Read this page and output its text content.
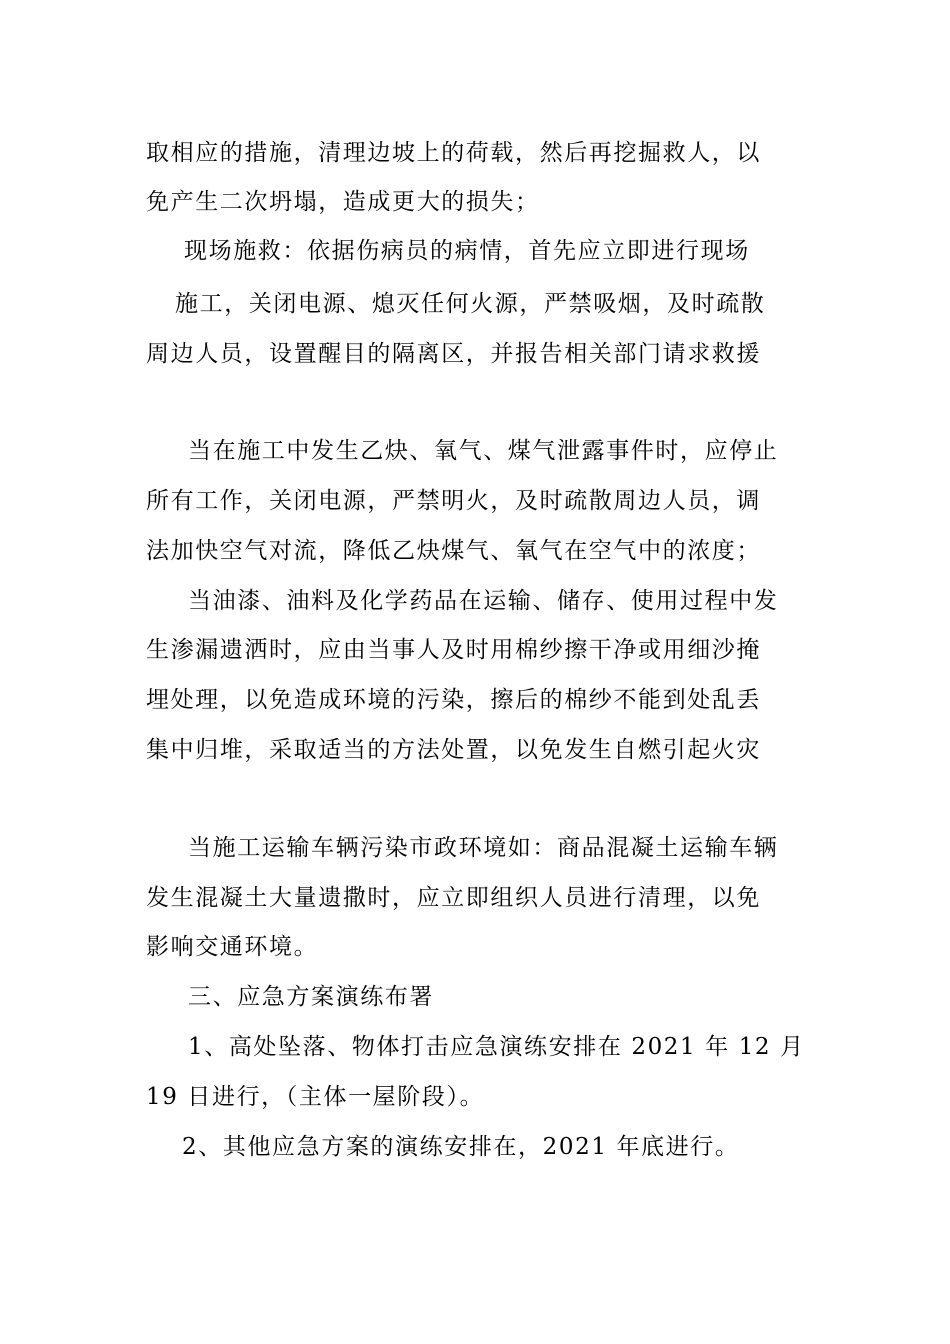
取相应的措施，清理边坡上的荷载，然后再挖掘救人，以
免产生二次坍塌，造成更大的损失；
现场施救：依据伤病员的病情，首先应立即进行现场
施工，关闭电源、熄灭任何火源，严禁吸烟，及时疏散
周边人员，设置醒目的隔离区，并报告相关部门请求救援
当在施工中发生乙炔、氧气、煤气泄露事件时，应停止
所有工作，关闭电源，严禁明火，及时疏散周边人员，调
法加快空气对流，降低乙炔煤气、氧气在空气中的浓度；
当油漆、油料及化学药品在运输、储存、使用过程中发
生渗漏遗洒时，应由当事人及时用棉纱擦干净或用细沙掩
埋处理，以免造成环境的污染，擦后的棉纱不能到处乱丢
集中归堆，采取适当的方法处置，以免发生自燃引起火灾
当施工运输车辆污染市政环境如：商品混凝土运输车辆
发生混凝土大量遗撒时，应立即组织人员进行清理，以免
影响交通环境。
三、应急方案演练布署
1、高处坠落、物体打击应急演练安排在 2021 年 12 月
19 日进行，（主体一屋阶段）。
2、其他应急方案的演练安排在，2021 年底进行。
